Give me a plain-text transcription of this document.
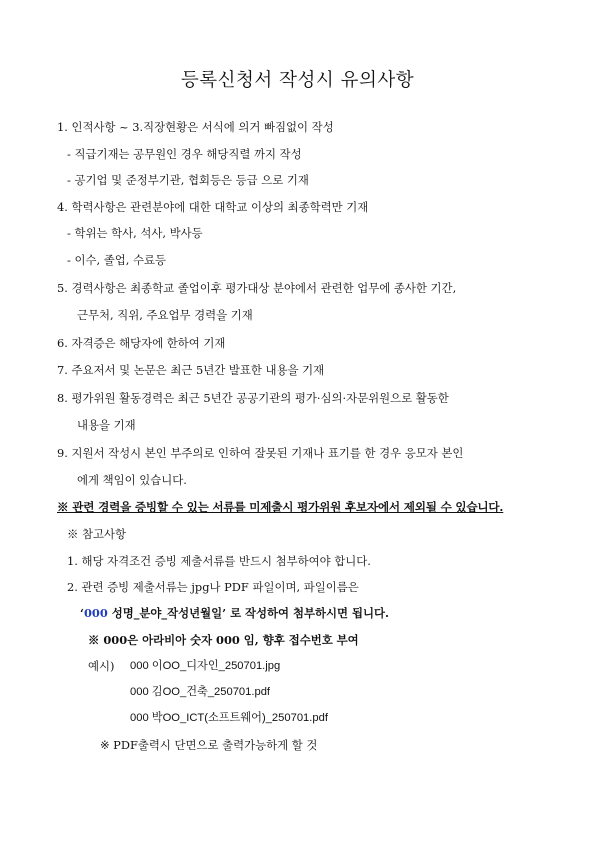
등록신청서 작성시 유의사항
1. 인적사항 ~ 3.직장현황은 서식에 의거 빠짐없이 작성
- 직급기재는 공무원인 경우 해당직렬 까지 작성
- 공기업 및 준정부기관, 협회등은 등급 으로 기재
4. 학력사항은 관련분야에 대한 대학교 이상의 최종학력만 기재
- 학위는 학사, 석사, 박사등
- 이수, 졸업, 수료등
5. 경력사항은 최종학교 졸업이후 평가대상 분야에서 관련한 업무에 종사한 기간,
근무처, 직위, 주요업무 경력을 기재
6. 자격증은 해당자에 한하여 기재
7. 주요저서 및 논문은 최근 5년간 발표한 내용을 기재
8. 평가위원 활동경력은 최근 5년간 공공기관의 평가·심의·자문위원으로 활동한
내용을 기재
9. 지원서 작성시 본인 부주의로 인하여 잘못된 기재나 표기를 한 경우 응모자 본인
에게 책임이 있습니다.
※ 관련 경력을 증빙할 수 있는 서류를 미제출시 평가위원 후보자에서 제외될 수 있습니다.
※ 참고사항
1. 해당 자격조건 증빙 제출서류를 반드시 첨부하여야 합니다.
2. 관련 증빙 제출서류는 jpg나 PDF 파일이며, 파일이름은
‘000 성명_분야_작성년월일’ 로 작성하여 첨부하시면 됩니다.
※ 000은 아라비아 숫자 000 임, 향후 접수번호 부여
예시) 000 이OO_디자인_250701.jpg
000 김OO_건축_250701.pdf
000 박OO_ICT(소프트웨어)_250701.pdf
※ PDF출력시 단면으로 출력가능하게 할 것
